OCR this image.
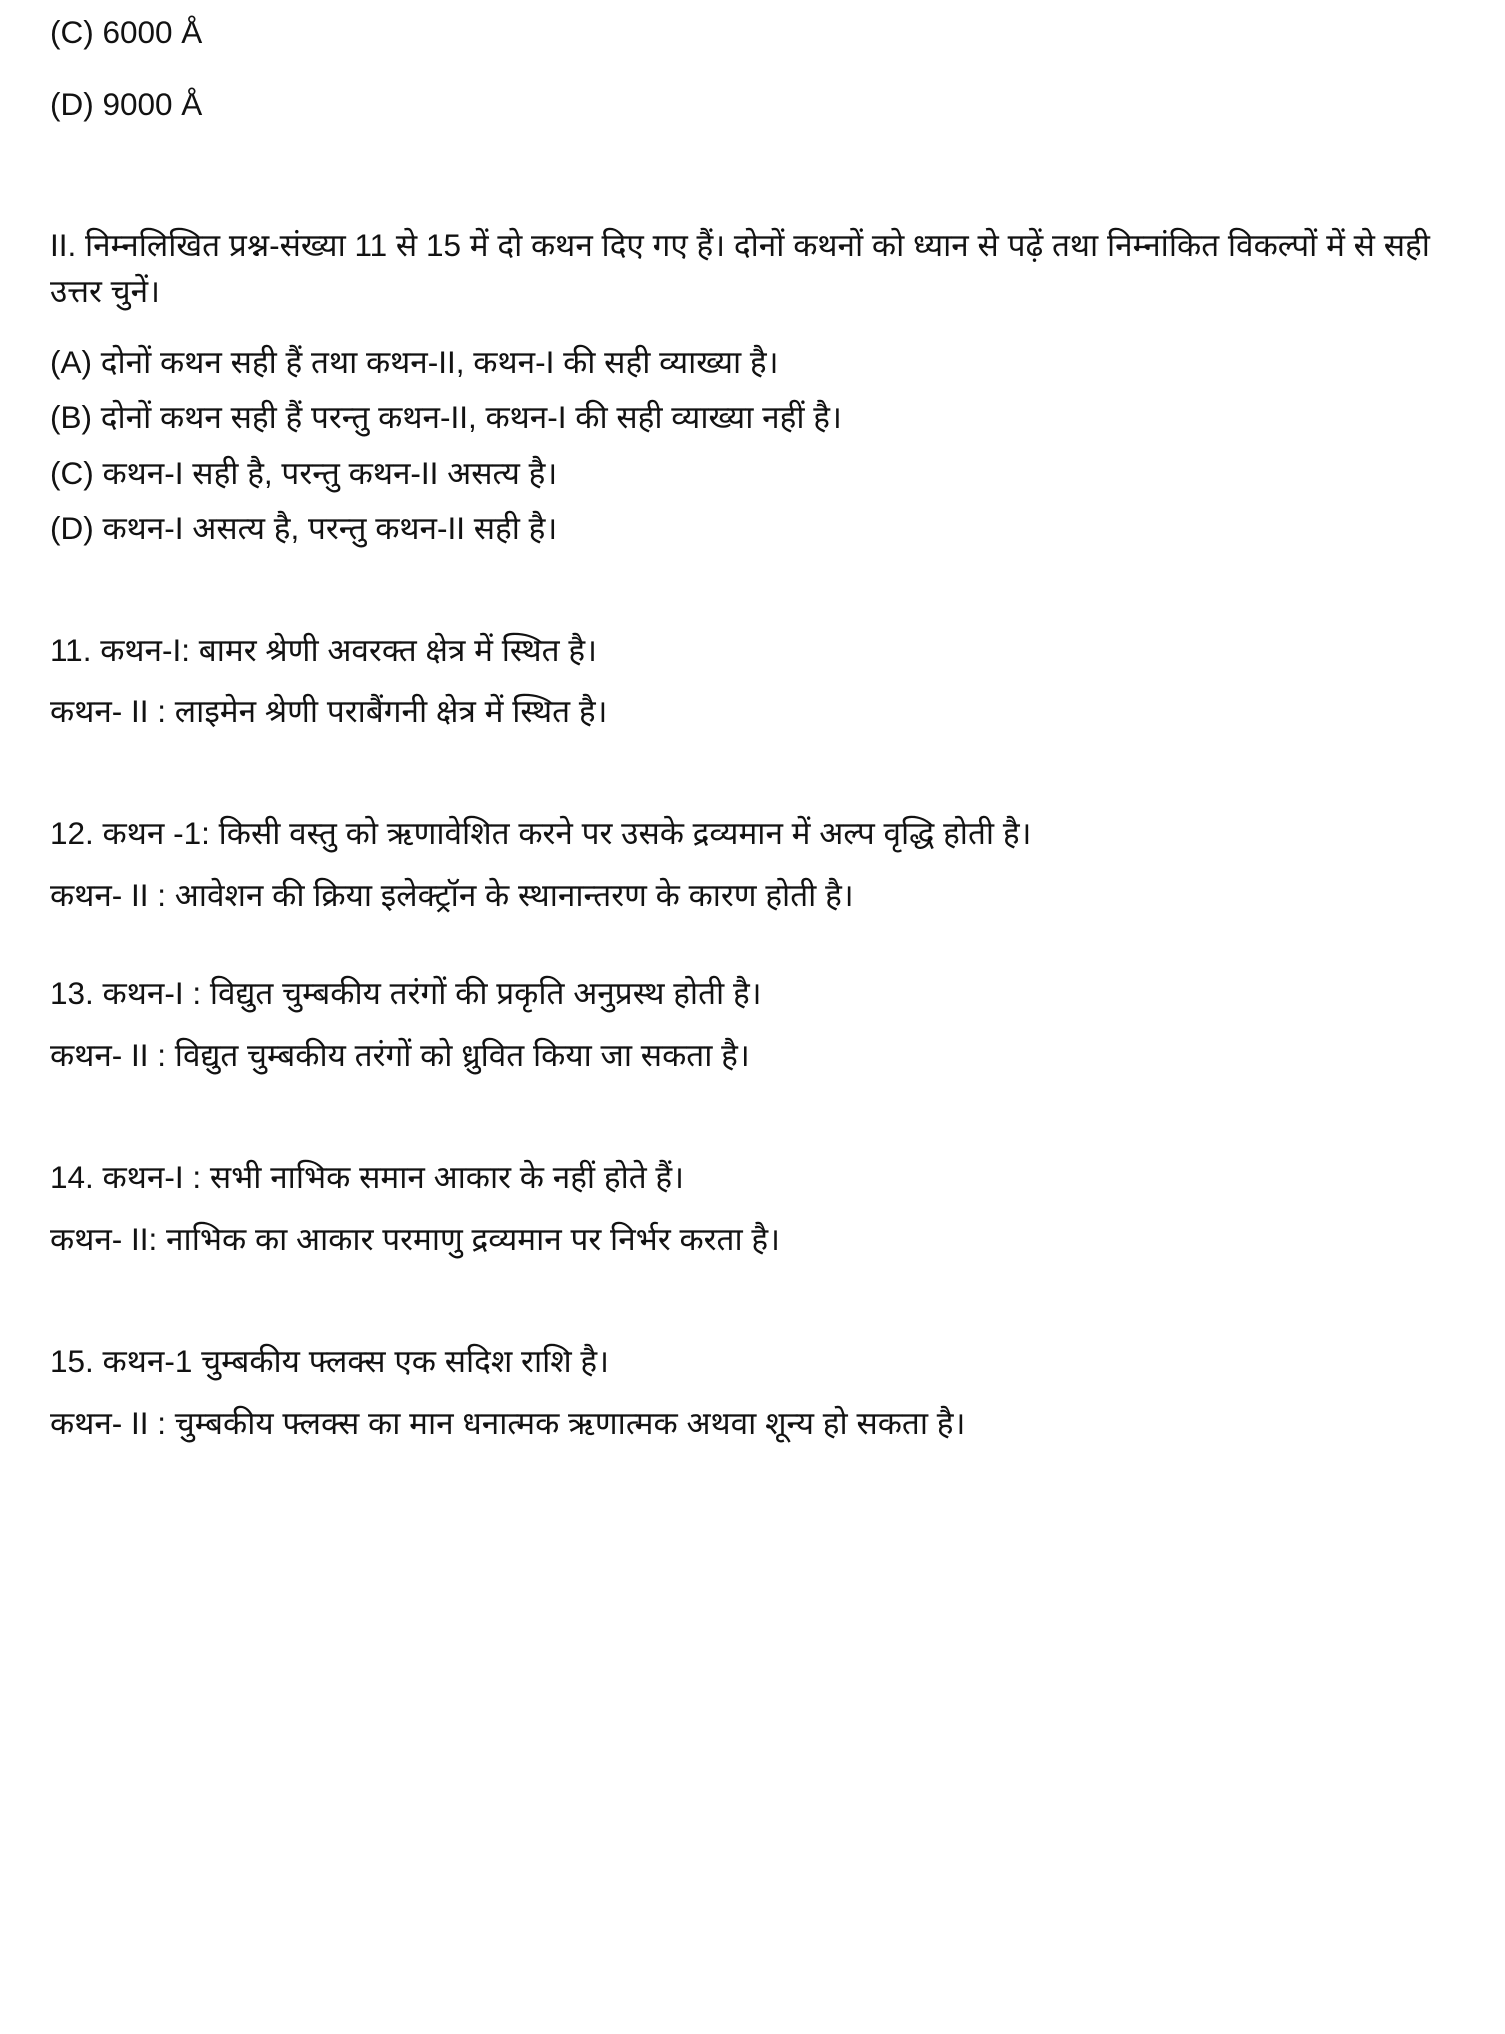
(C) 6000 Å
(D) 9000 Å
II. निम्नलिखित प्रश्न-संख्या 11 से 15 में दो कथन दिए गए हैं। दोनों कथनों को ध्यान से पढ़ें तथा निम्नांकित विकल्पों में से सही उत्तर चुनें।
(A) दोनों कथन सही हैं तथा कथन-II, कथन-I की सही व्याख्या है।
(B) दोनों कथन सही हैं परन्तु कथन-II, कथन-I की सही व्याख्या नहीं है।
(C) कथन-I सही है, परन्तु कथन-II असत्य है।
(D) कथन-I असत्य है, परन्तु कथन-II सही है।
11. कथन-I: बामर श्रेणी अवरक्त क्षेत्र में स्थित है।
कथन- II : लाइमेन श्रेणी पराबैंगनी क्षेत्र में स्थित है।
12. कथन -1: किसी वस्तु को ऋणावेशित करने पर उसके द्रव्यमान में अल्प वृद्धि होती है।
कथन- II : आवेशन की क्रिया इलेक्ट्रॉन के स्थानान्तरण के कारण होती है।
13. कथन-I : विद्युत चुम्बकीय तरंगों की प्रकृति अनुप्रस्थ होती है।
कथन- II : विद्युत चुम्बकीय तरंगों को ध्रुवित किया जा सकता है।
14. कथन-I : सभी नाभिक समान आकार के नहीं होते हैं।
कथन- II: नाभिक का आकार परमाणु द्रव्यमान पर निर्भर करता है।
15. कथन-1 चुम्बकीय फ्लक्स एक सदिश राशि है।
कथन- II : चुम्बकीय फ्लक्स का मान धनात्मक ऋणात्मक अथवा शून्य हो सकता है।
